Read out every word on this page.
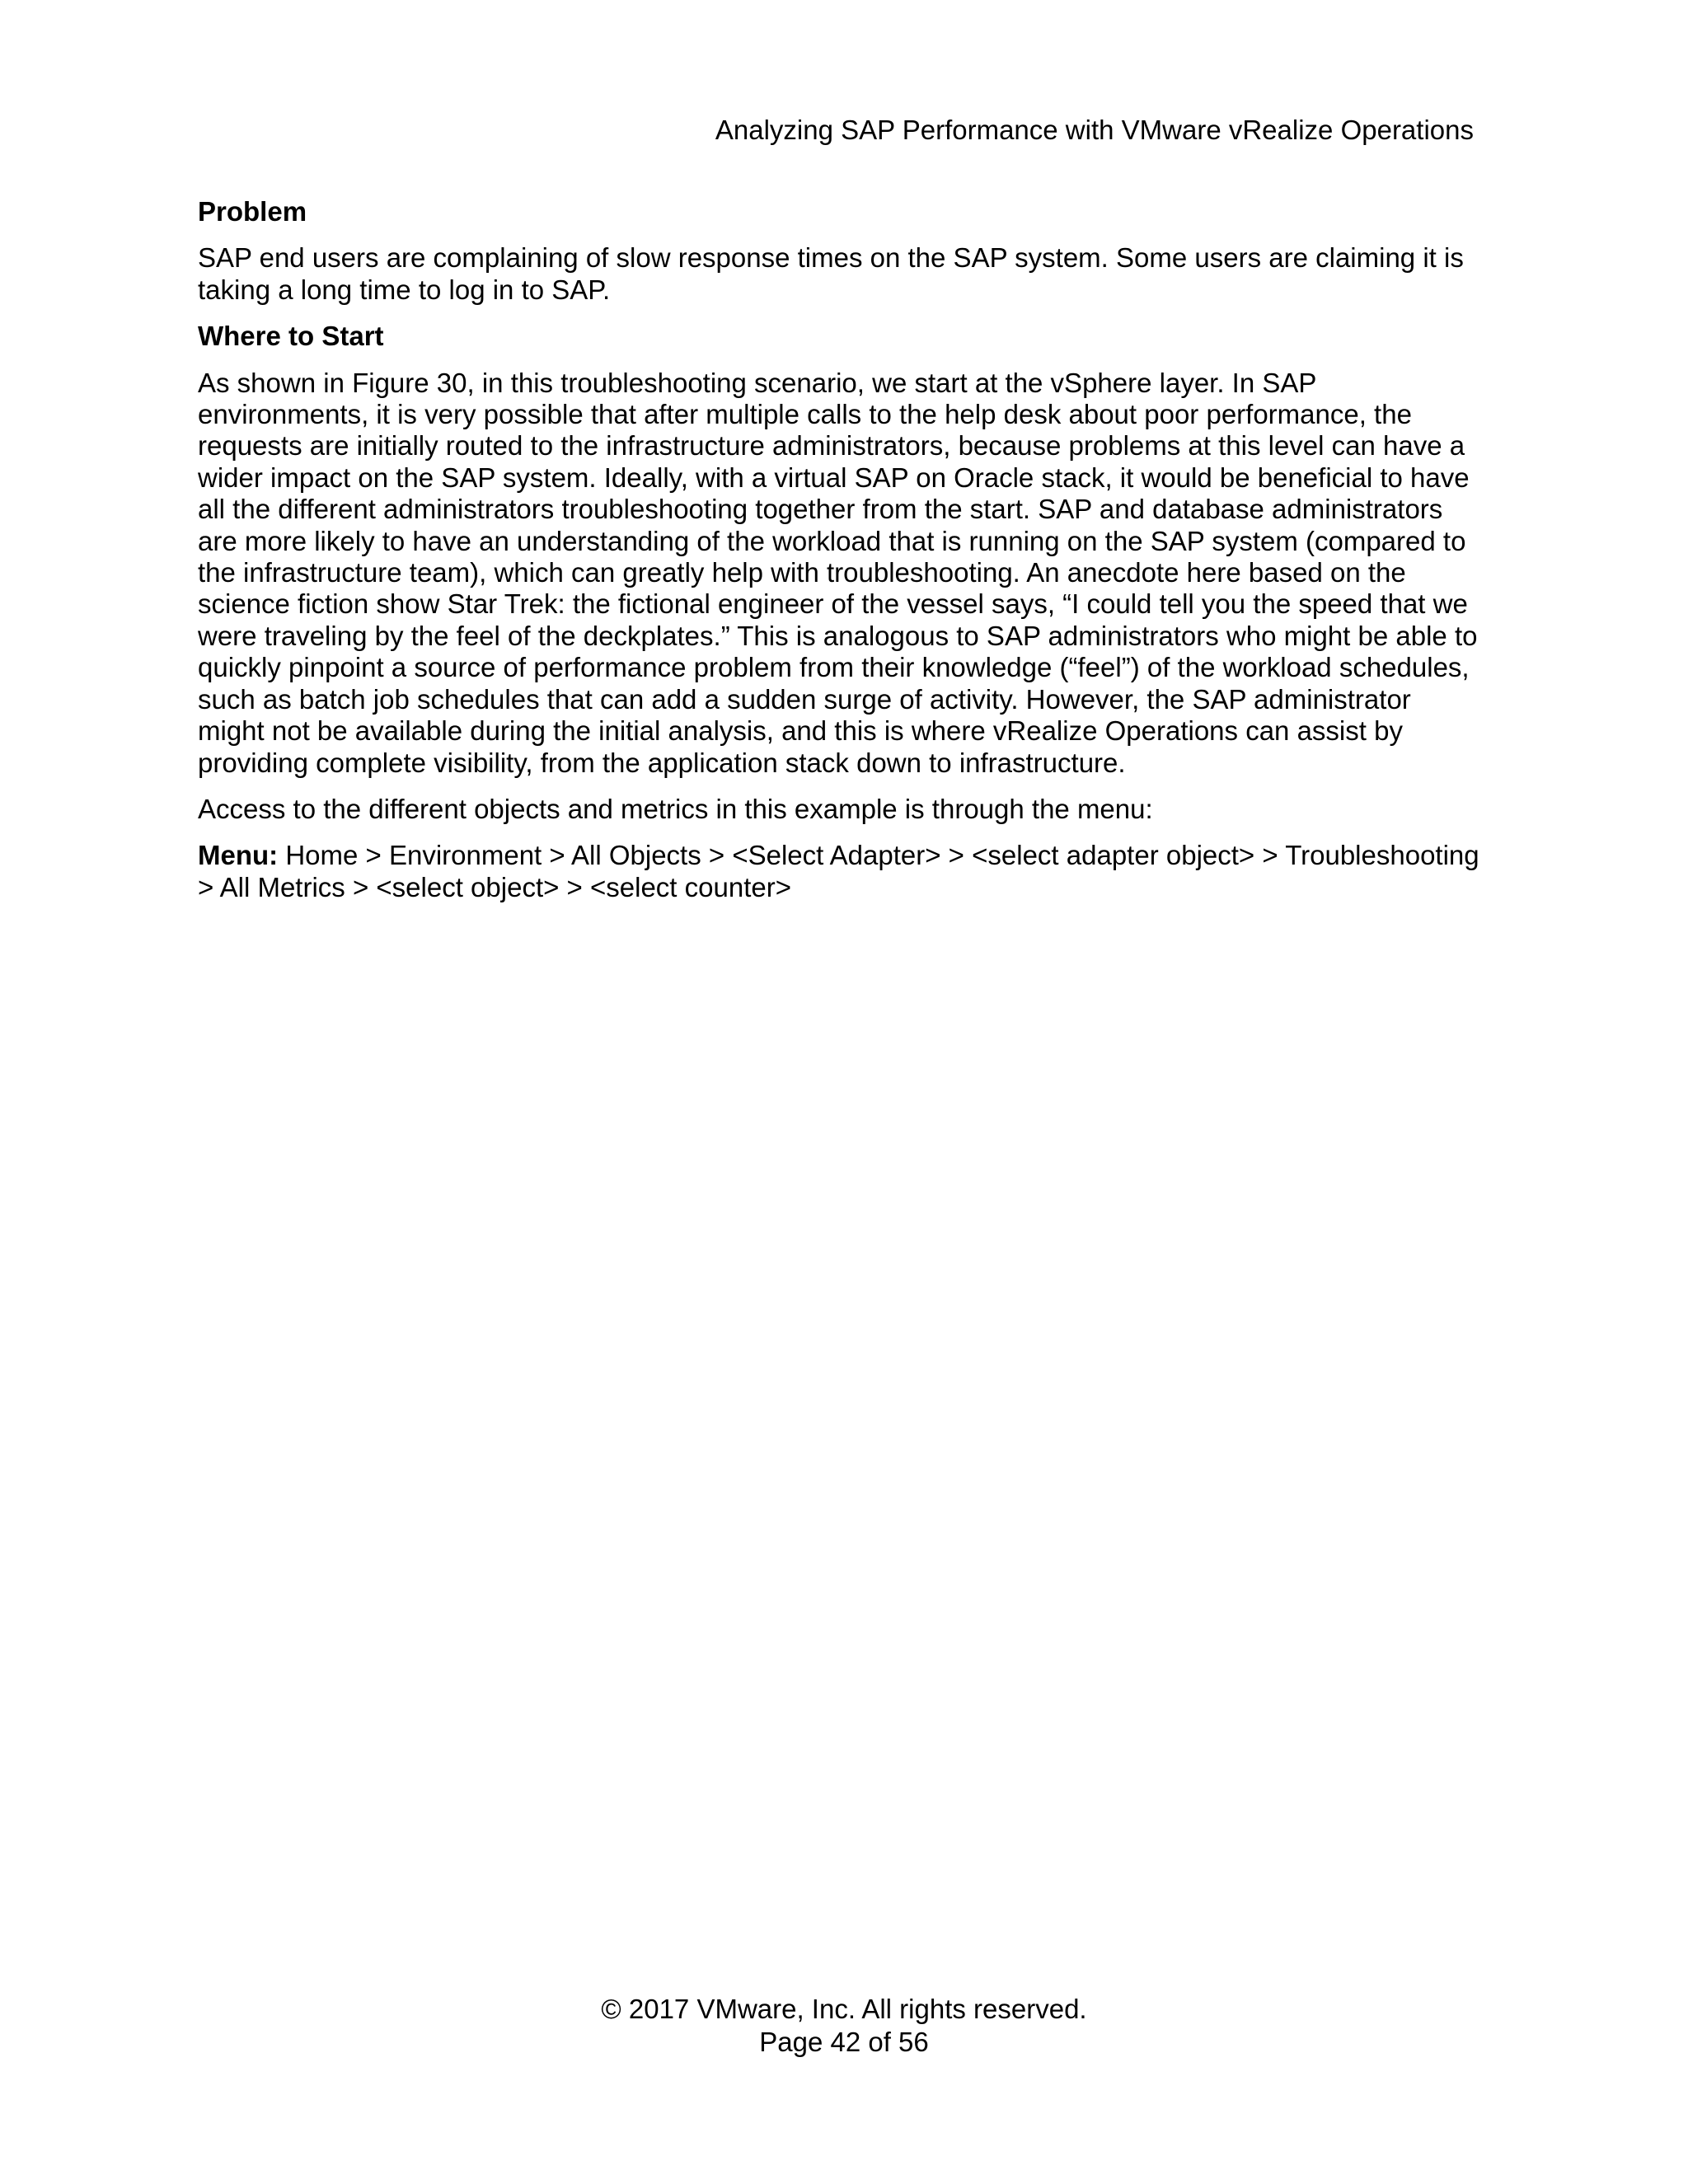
Analyzing SAP Performance with VMware vRealize Operations
Problem
SAP end users are complaining of slow response times on the SAP system. Some users are claiming it is taking a long time to log in to SAP.
Where to Start
As shown in Figure 30, in this troubleshooting scenario, we start at the vSphere layer. In SAP environments, it is very possible that after multiple calls to the help desk about poor performance, the requests are initially routed to the infrastructure administrators, because problems at this level can have a wider impact on the SAP system. Ideally, with a virtual SAP on Oracle stack, it would be beneficial to have all the different administrators troubleshooting together from the start. SAP and database administrators are more likely to have an understanding of the workload that is running on the SAP system (compared to the infrastructure team), which can greatly help with troubleshooting. An anecdote here based on the science fiction show Star Trek: the fictional engineer of the vessel says, “I could tell you the speed that we were traveling by the feel of the deckplates.” This is analogous to SAP administrators who might be able to quickly pinpoint a source of performance problem from their knowledge (“feel”) of the workload schedules, such as batch job schedules that can add a sudden surge of activity. However, the SAP administrator might not be available during the initial analysis, and this is where vRealize Operations can assist by providing complete visibility, from the application stack down to infrastructure.
Access to the different objects and metrics in this example is through the menu:
Menu: Home > Environment > All Objects > <Select Adapter> > <select adapter object> > Troubleshooting > All Metrics > <select object> > <select counter>
© 2017 VMware, Inc. All rights reserved.
Page 42 of 56
